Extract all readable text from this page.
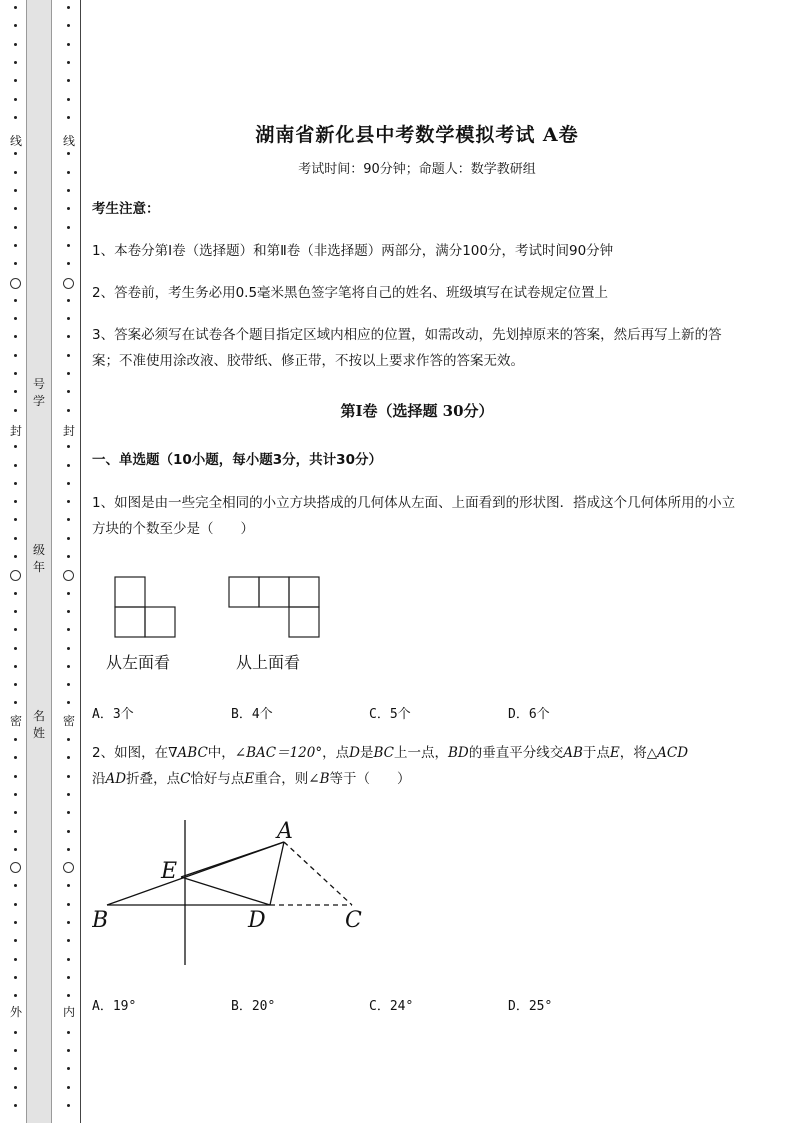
线
封
密
外
号学
级年
名姓
线
封
密
内
湖南省新化县中考数学模拟考试 A卷
考试时间：90分钟；命题人：数学教研组
考生注意：
1、本卷分第I卷（选择题）和第Ⅱ卷（非选择题）两部分，满分100分，考试时间90分钟
2、答卷前，考生务必用0.5毫米黑色签字笔将自己的姓名、班级填写在试卷规定位置上
3、答案必须写在试卷各个题目指定区域内相应的位置，如需改动，先划掉原来的答案，然后再写上新的答案；不准使用涂改液、胶带纸、修正带，不按以上要求作答的答案无效。
第I卷（选择题 30分）
一、单选题（10小题，每小题3分，共计30分）
1、如图是由一些完全相同的小立方块搭成的几何体从左面、上面看到的形状图．搭成这个几何体所用的小立方块的个数至少是（　　）
从左面看	从上面看
A．3个	B．4个	C．5个	D．6个
2、如图，在∇ABC中，∠BAC＝120°，点D是BC上一点，BD的垂直平分线交AB于点E，将△ACD
沿AD折叠，点C恰好与点E重合，则∠B等于（　　）
A
B	C
D
E
A．19°	B．20°	C．24°	D．25°
